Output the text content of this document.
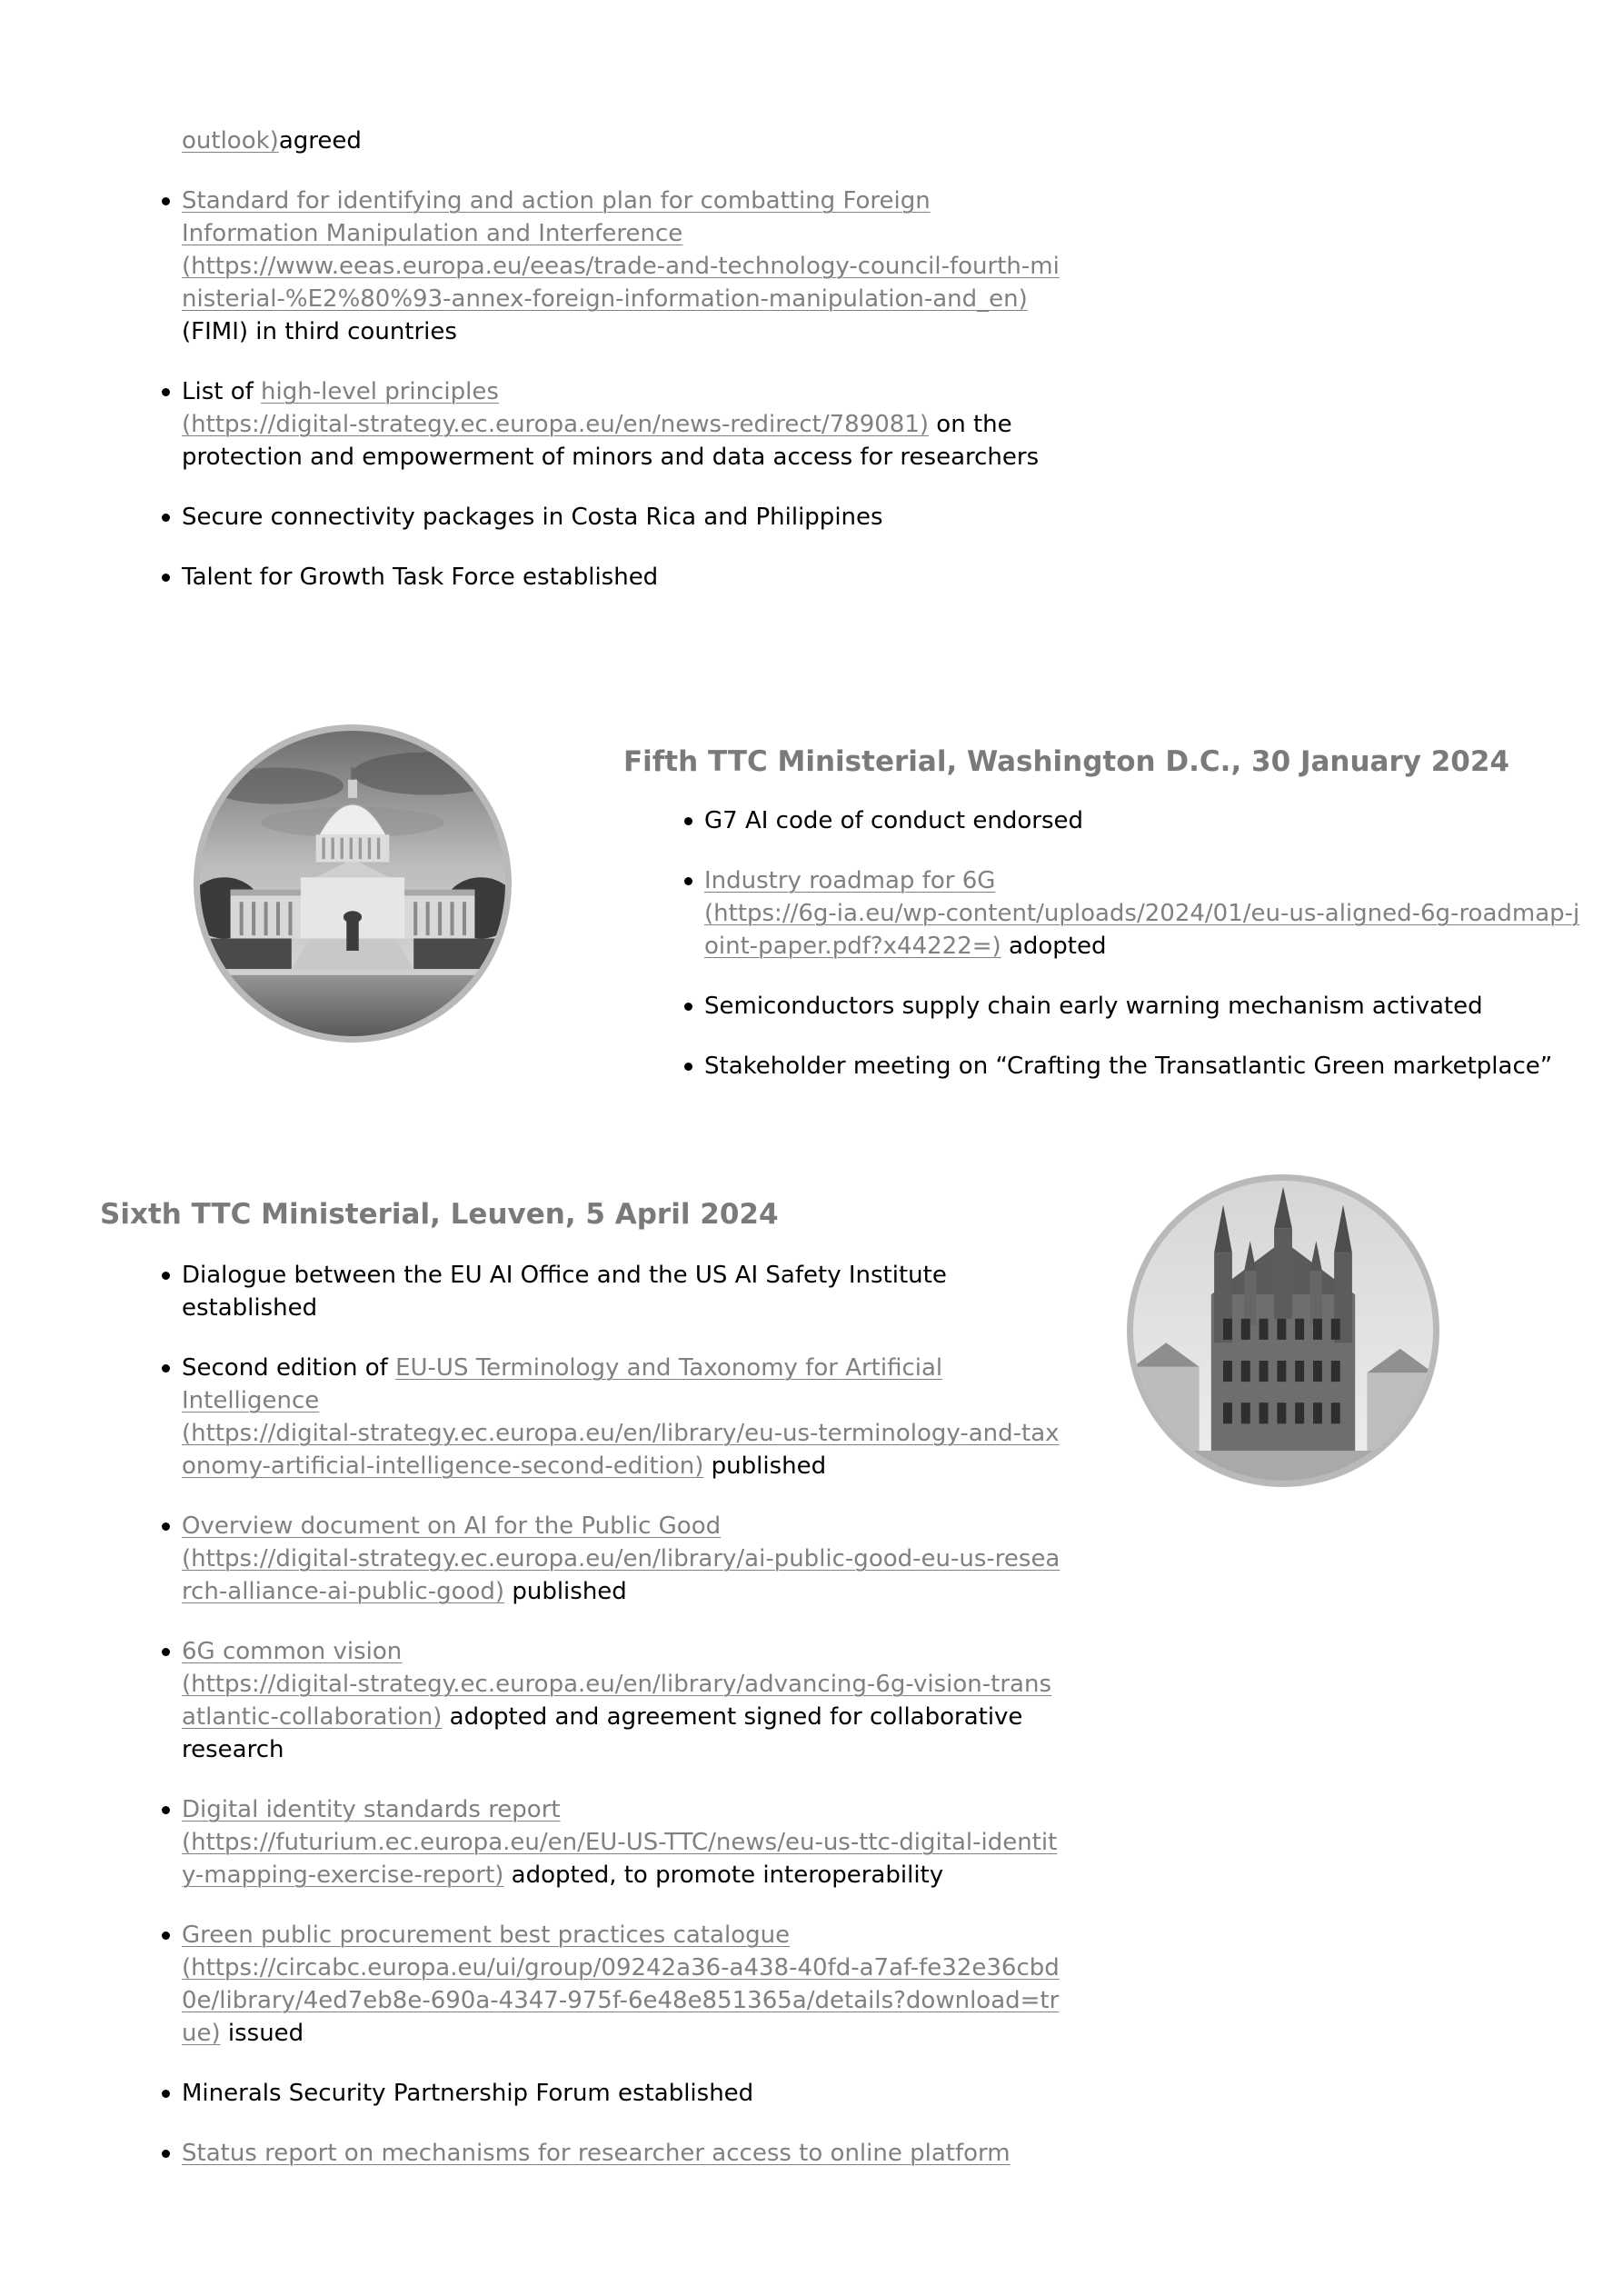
outlook)agreed
Standard for identifying and action plan for combatting Foreign
Information Manipulation and Interference
(https://www.eeas.europa.eu/eeas/trade-and-technology-council-fourth-mi
nisterial-%E2%80%93-annex-foreign-information-manipulation-and_en)
(FIMI) in third countries
List of high-level principles
(https://digital-strategy.ec.europa.eu/en/news-redirect/789081) on the
protection and empowerment of minors and data access for researchers
Secure connectivity packages in Costa Rica and Philippines
Talent for Growth Task Force established
Fifth TTC Ministerial, Washington D.C., 30 January 2024
G7 AI code of conduct endorsed
Industry roadmap for 6G
(https://6g-ia.eu/wp-content/uploads/2024/01/eu-us-aligned-6g-roadmap-j
oint-paper.pdf?x44222=) adopted
Semiconductors supply chain early warning mechanism activated
Stakeholder meeting on “Crafting the Transatlantic Green marketplace”
Sixth TTC Ministerial, Leuven, 5 April 2024
Dialogue between the EU AI Office and the US AI Safety Institute
established
Second edition of EU-US Terminology and Taxonomy for Artificial
Intelligence
(https://digital-strategy.ec.europa.eu/en/library/eu-us-terminology-and-tax
onomy-artificial-intelligence-second-edition) published
Overview document on AI for the Public Good
(https://digital-strategy.ec.europa.eu/en/library/ai-public-good-eu-us-resea
rch-alliance-ai-public-good) published
6G common vision
(https://digital-strategy.ec.europa.eu/en/library/advancing-6g-vision-trans
atlantic-collaboration) adopted and agreement signed for collaborative
research
Digital identity standards report
(https://futurium.ec.europa.eu/en/EU-US-TTC/news/eu-us-ttc-digital-identit
y-mapping-exercise-report) adopted, to promote interoperability
Green public procurement best practices catalogue
(https://circabc.europa.eu/ui/group/09242a36-a438-40fd-a7af-fe32e36cbd
0e/library/4ed7eb8e-690a-4347-975f-6e48e851365a/details?download=tr
ue) issued
Minerals Security Partnership Forum established
Status report on mechanisms for researcher access to online platform
